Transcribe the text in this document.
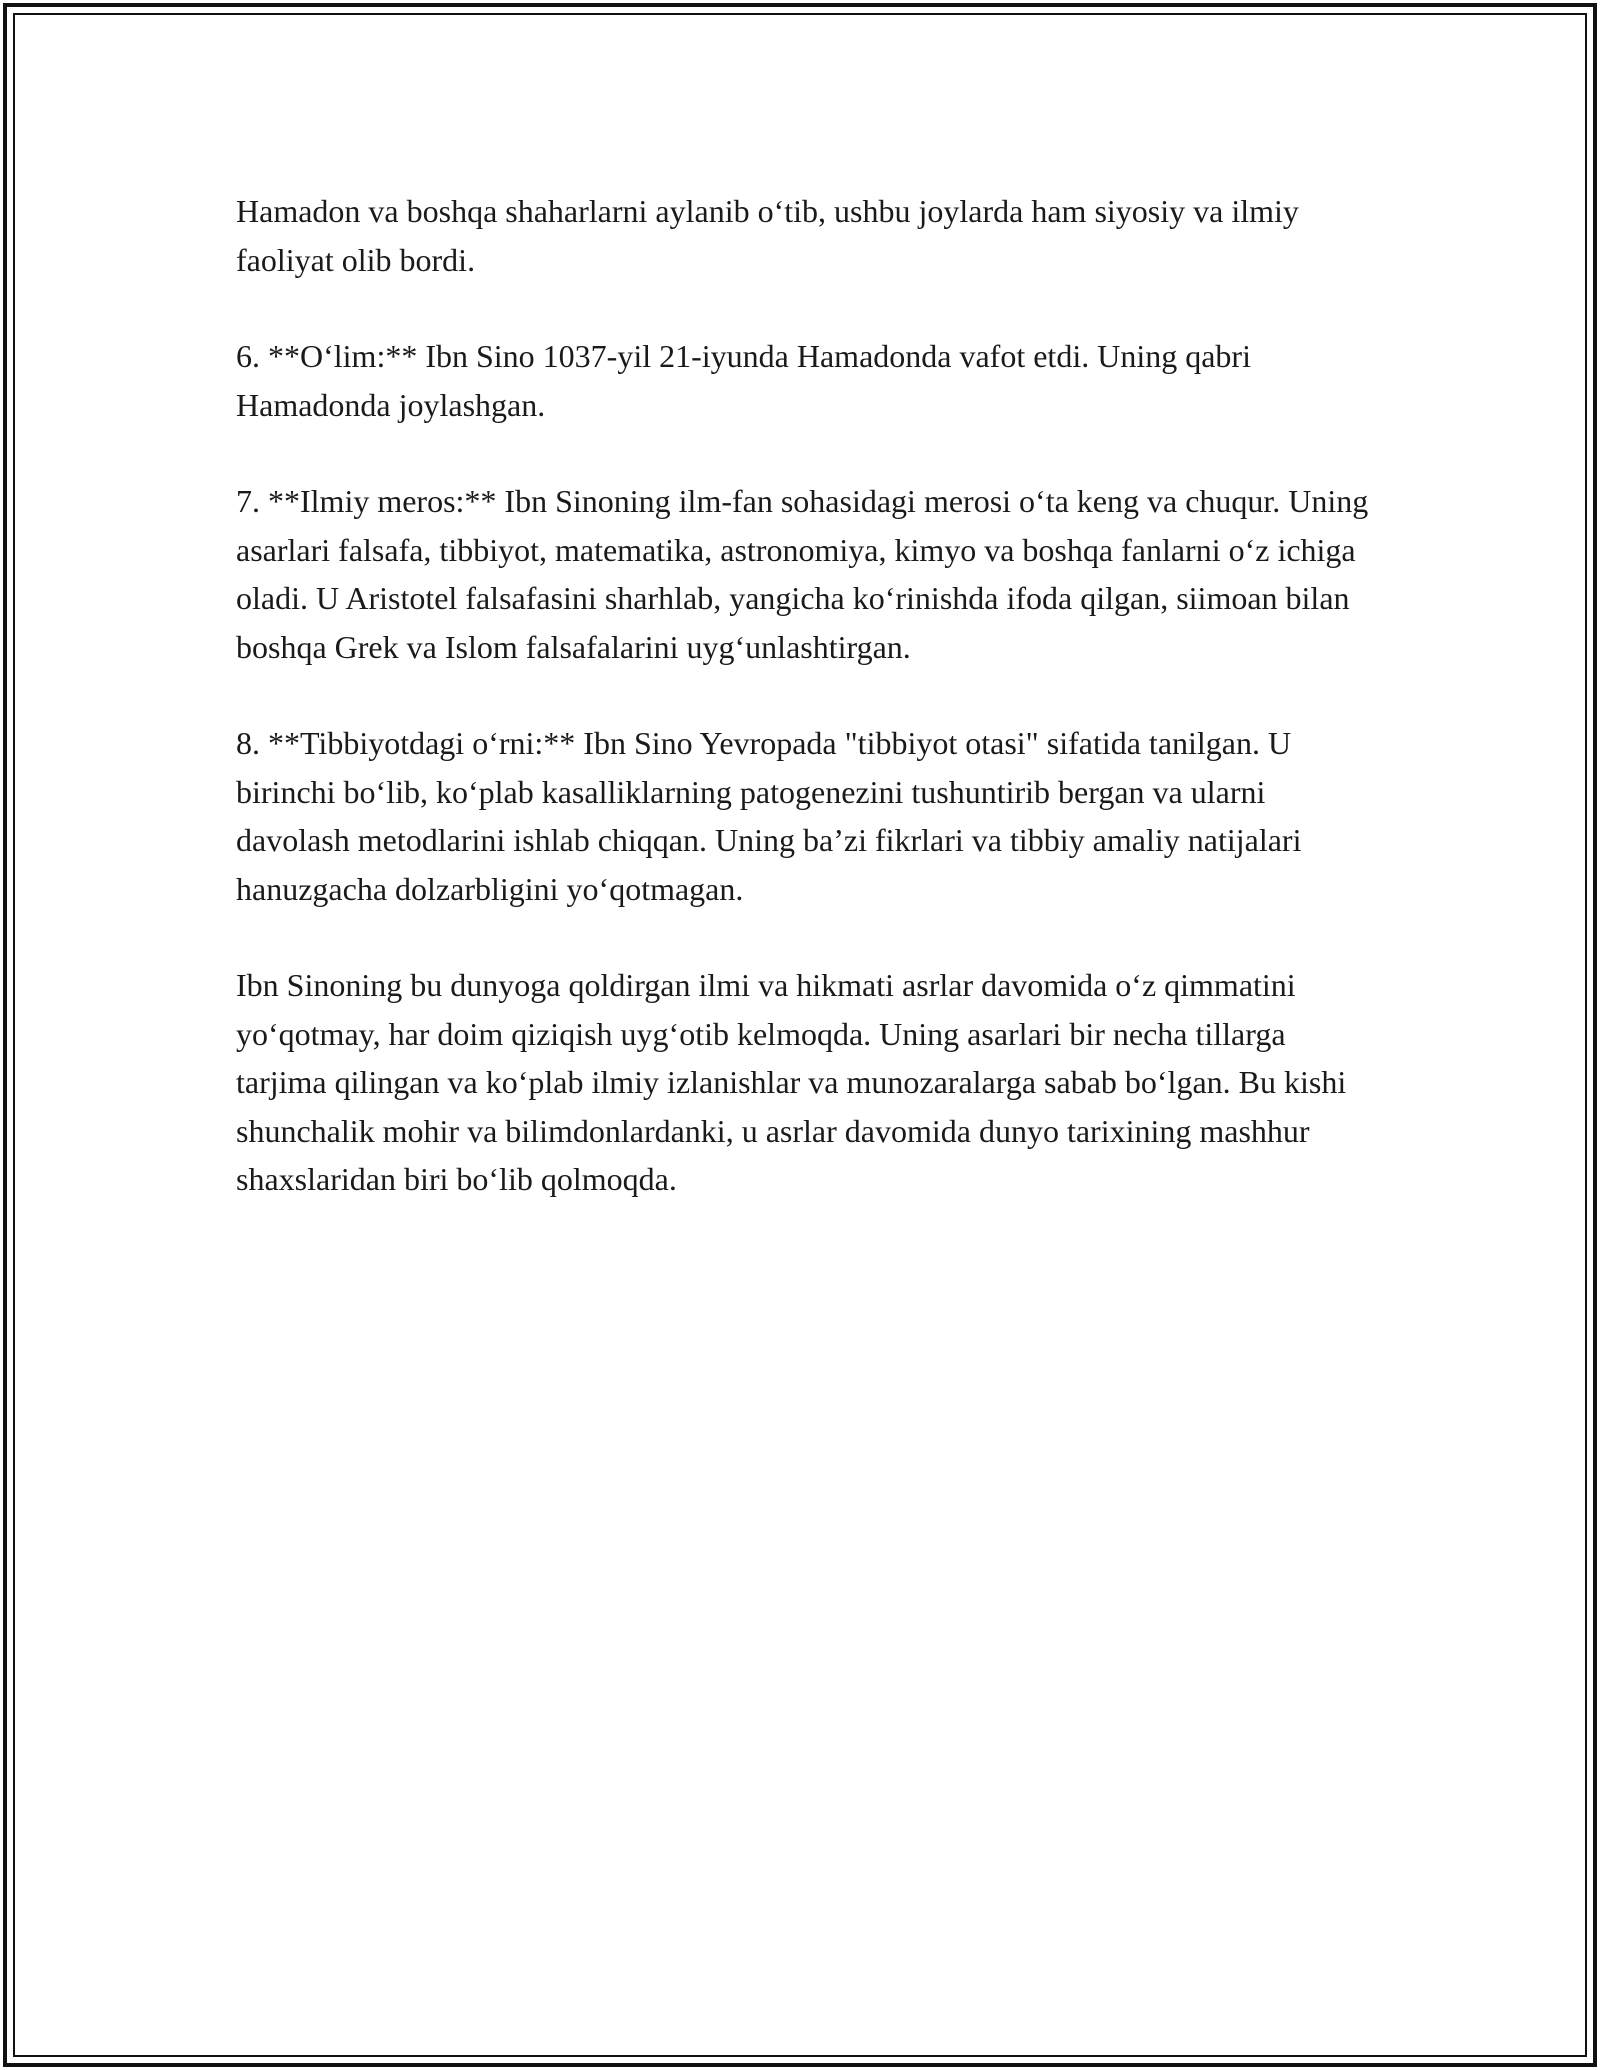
Hamadon va boshqa shaharlarni aylanib o‘tib, ushbu joylarda ham siyosiy va ilmiy faoliyat olib bordi.

6. **O‘lim:** Ibn Sino 1037-yil 21-iyunda Hamadonda vafot etdi. Uning qabri Hamadonda joylashgan.

7. **Ilmiy meros:** Ibn Sinoning ilm-fan sohasidagi merosi o‘ta keng va chuqur. Uning asarlari falsafa, tibbiyot, matematika, astronomiya, kimyo va boshqa fanlarni o‘z ichiga oladi. U Aristotel falsafasini sharhlab, yangicha ko‘rinishda ifoda qilgan, siimoan bilan boshqa Grek va Islom falsafalarini uyg‘unlashtirgan.

8. **Tibbiyotdagi o‘rni:** Ibn Sino Yevropada "tibbiyot otasi" sifatida tanilgan. U birinchi bo‘lib, ko‘plab kasalliklarning patogenezini tushuntirib bergan va ularni davolash metodlarini ishlab chiqqan. Uning ba’zi fikrlari va tibbiy amaliy natijalari hanuzgacha dolzarbligini yo‘qotmagan.

Ibn Sinoning bu dunyoga qoldirgan ilmi va hikmati asrlar davomida o‘z qimmatini yo‘qotmay, har doim qiziqish uyg‘otib kelmoqda. Uning asarlari bir necha tillarga tarjima qilingan va ko‘plab ilmiy izlanishlar va munozaralarga sabab bo‘lgan. Bu kishi shunchalik mohir va bilimdonlardanki, u asrlar davomida dunyo tarixining mashhur shaxslaridan biri bo‘lib qolmoqda.
